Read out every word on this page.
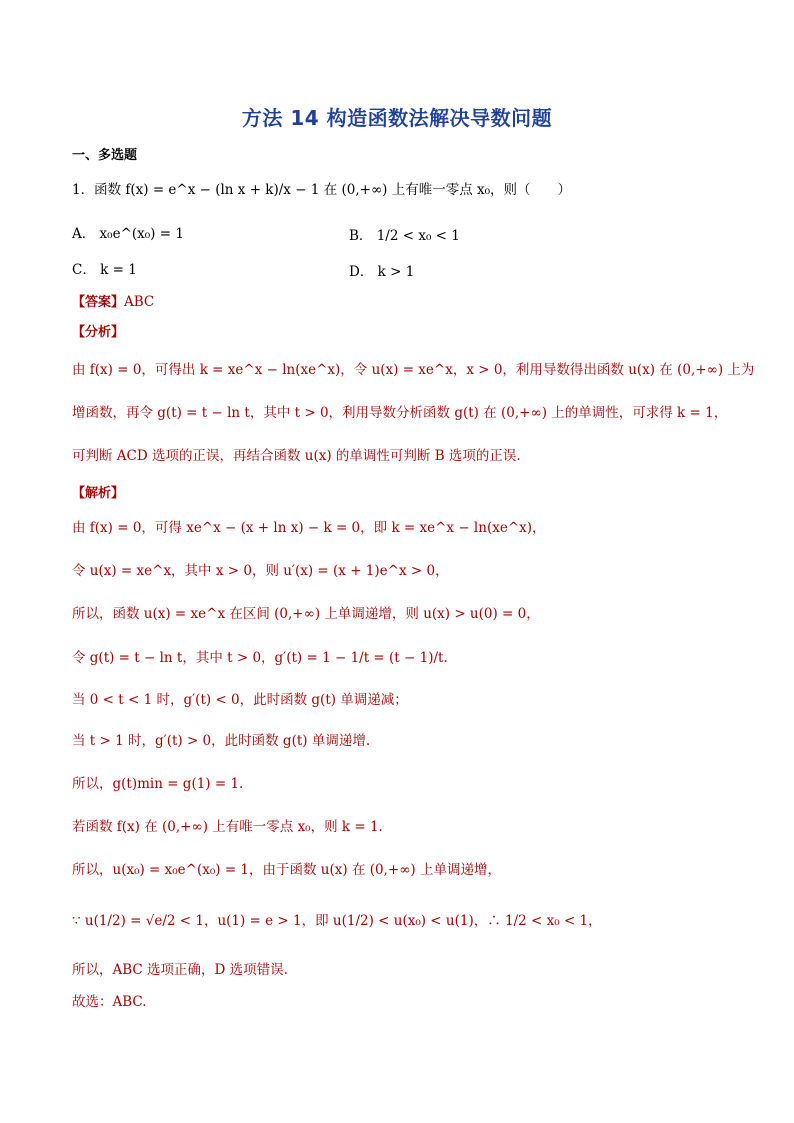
方法 14 构造函数法解决导数问题
一、多选题
1．函数 f(x) = e^x − (ln x + k)/x − 1 在 (0,+∞) 上有唯一零点 x₀，则（　　）
A． x₀e^(x₀) = 1	B． 1/2 < x₀ < 1
C． k = 1	D． k > 1
【答案】ABC
【分析】
由 f(x) = 0，可得出 k = xe^x − ln(xe^x)，令 u(x) = xe^x，x > 0，利用导数得出函数 u(x) 在 (0,+∞) 上为
增函数，再令 g(t) = t − ln t，其中 t > 0，利用导数分析函数 g(t) 在 (0,+∞) 上的单调性，可求得 k = 1，
可判断 ACD 选项的正误，再结合函数 u(x) 的单调性可判断 B 选项的正误.
【解析】
由 f(x) = 0，可得 xe^x − (x + ln x) − k = 0，即 k = xe^x − ln(xe^x)，
令 u(x) = xe^x，其中 x > 0，则 u′(x) = (x + 1)e^x > 0，
所以，函数 u(x) = xe^x 在区间 (0,+∞) 上单调递增，则 u(x) > u(0) = 0，
令 g(t) = t − ln t，其中 t > 0，g′(t) = 1 − 1/t = (t − 1)/t.
当 0 < t < 1 时，g′(t) < 0，此时函数 g(t) 单调递减；
当 t > 1 时，g′(t) > 0，此时函数 g(t) 单调递增.
所以，g(t)min = g(1) = 1.
若函数 f(x) 在 (0,+∞) 上有唯一零点 x₀，则 k = 1.
所以，u(x₀) = x₀e^(x₀) = 1，由于函数 u(x) 在 (0,+∞) 上单调递增，
∵ u(1/2) = √e/2 < 1，u(1) = e > 1，即 u(1/2) < u(x₀) < u(1)，∴ 1/2 < x₀ < 1，
所以，ABC 选项正确，D 选项错误.
故选：ABC.
